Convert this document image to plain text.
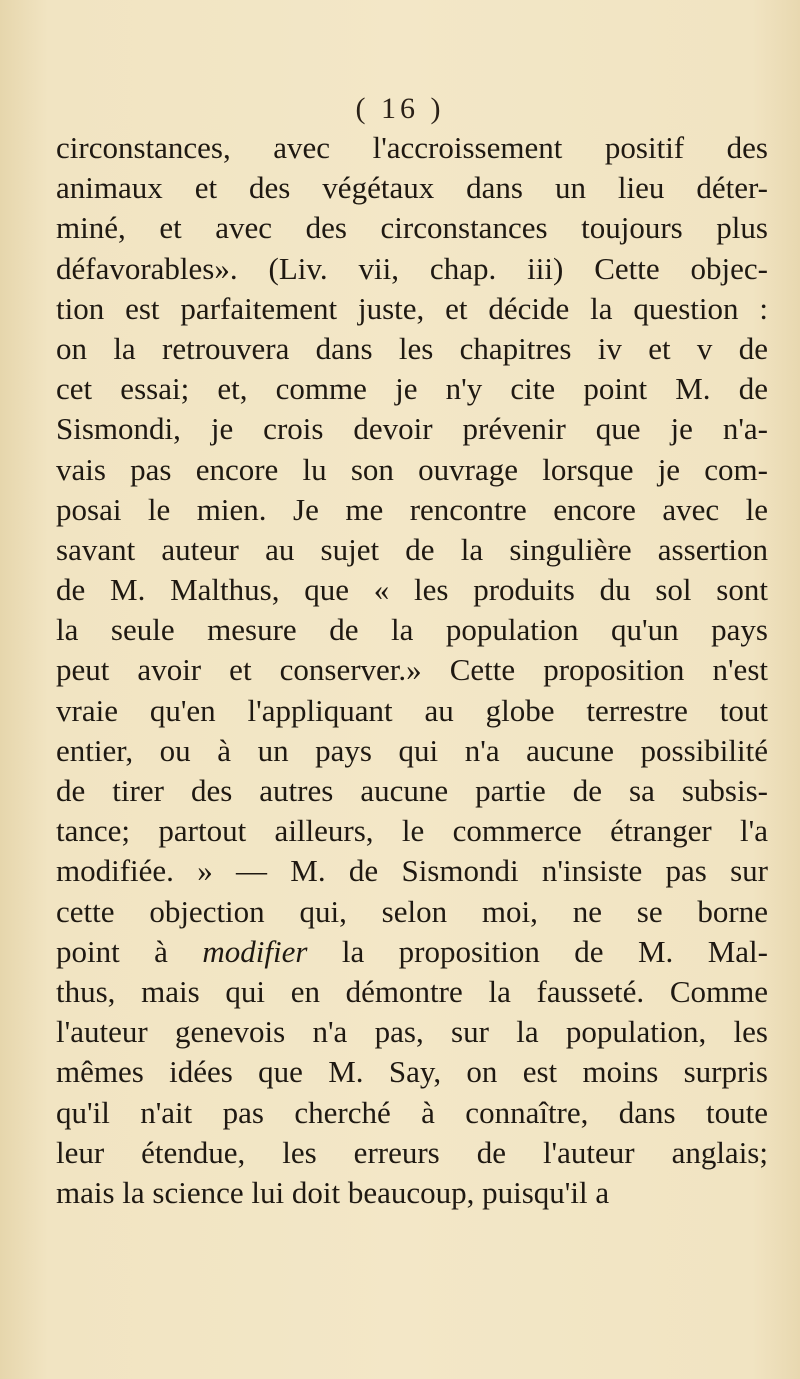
( 16 )
circonstances, avec l'accroissement positif des
animaux et des végétaux dans un lieu déter-
miné, et avec des circonstances toujours plus
défavorables». (Liv. vii, chap. iii) Cette objec-
tion est parfaitement juste, et décide la question :
on la retrouvera dans les chapitres iv et v de
cet essai; et, comme je n'y cite point M. de
Sismondi, je crois devoir prévenir que je n'a-
vais pas encore lu son ouvrage lorsque je com-
posai le mien. Je me rencontre encore avec le
savant auteur au sujet de la singulière assertion
de M. Malthus, que « les produits du sol sont
la seule mesure de la population qu'un pays
peut avoir et conserver.» Cette proposition n'est
vraie qu'en l'appliquant au globe terrestre tout
entier, ou à un pays qui n'a aucune possibilité
de tirer des autres aucune partie de sa subsis-
tance; partout ailleurs, le commerce étranger l'a
modifiée. » — M. de Sismondi n'insiste pas sur
cette objection qui, selon moi, ne se borne
point à modifier la proposition de M. Mal-
thus, mais qui en démontre la fausseté. Comme
l'auteur genevois n'a pas, sur la population, les
mêmes idées que M. Say, on est moins surpris
qu'il n'ait pas cherché à connaître, dans toute
leur étendue, les erreurs de l'auteur anglais;
mais la science lui doit beaucoup, puisqu'il a
